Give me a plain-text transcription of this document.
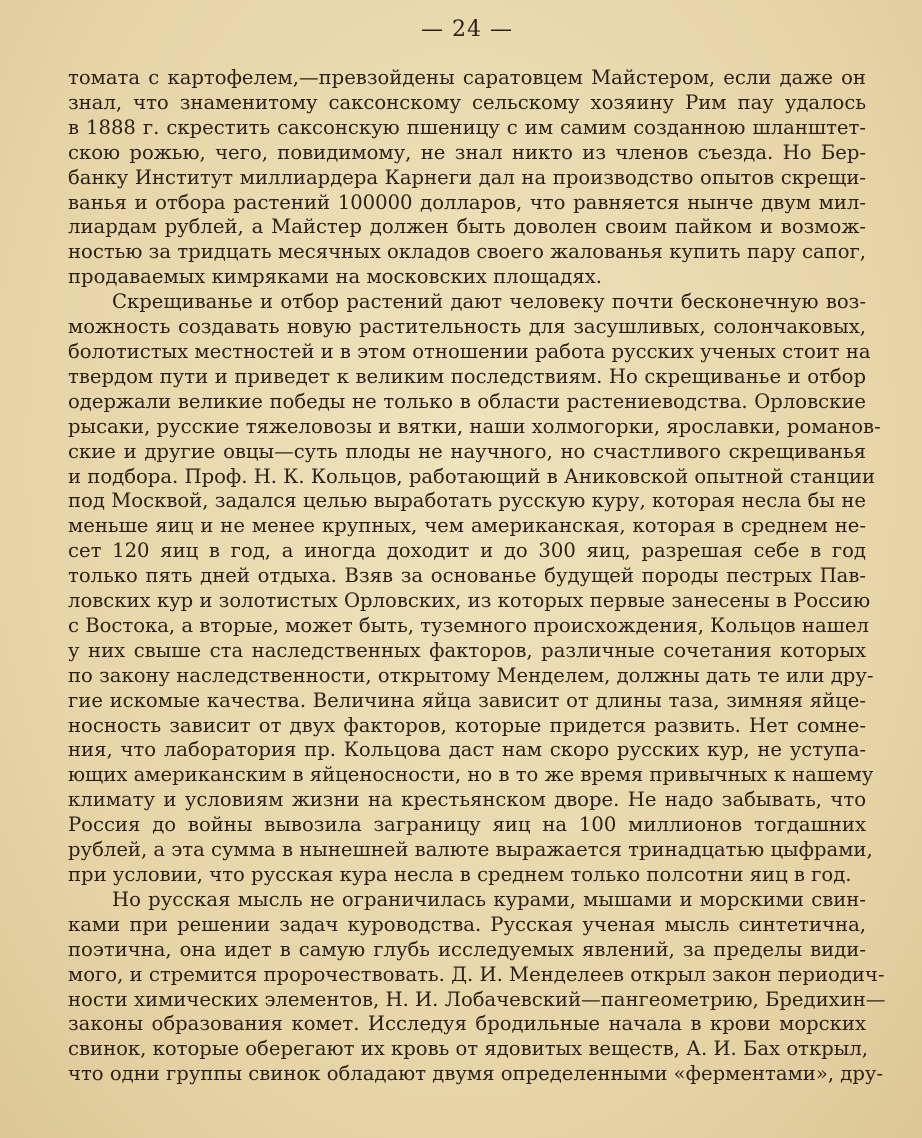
— 24 —
томата с картофелем,—превзойдены саратовцем Майстером, если даже он
знал, что знаменитому саксонскому сельскому хозяину Рим пау удалось
в 1888 г. скрестить саксонскую пшеницу с им самим созданною шланштет-
скою рожью, чего, повидимому, не знал никто из членов съезда. Но Бер-
банку Институт миллиардера Карнеги дал на производство опытов скрещи-
ванья и отбора растений 100000 долларов, что равняется нынче двум мил-
лиардам рублей, а Майстер должен быть доволен своим пайком и возмож-
ностью за тридцать месячных окладов своего жалованья купить пару сапог,
продаваемых кимряками на московских площадях.
Скрещиванье и отбор растений дают человеку почти бесконечную воз-
можность создавать новую растительность для засушливых, солончаковых,
болотистых местностей и в этом отношении работа русских ученых стоит на
твердом пути и приведет к великим последствиям. Но скрещиванье и отбор
одержали великие победы не только в области растениеводства. Орловские
рысаки, русские тяжеловозы и вятки, наши холмогорки, ярославки, романов-
ские и другие овцы—суть плоды не научного, но счастливого скрещиванья
и подбора. Проф. Н. К. Кольцов, работающий в Аниковской опытной станции
под Москвой, задался целью выработать русскую куру, которая несла бы не
меньше яиц и не менее крупных, чем американская, которая в среднем не-
сет 120 яиц в год, а иногда доходит и до 300 яиц, разрешая себе в год
только пять дней отдыха. Взяв за основанье будущей породы пестрых Пав-
ловских кур и золотистых Орловских, из которых первые занесены в Россию
с Востока, а вторые, может быть, туземного происхождения, Кольцов нашел
у них свыше ста наследственных факторов, различные сочетания которых
по закону наследственности, открытому Менделем, должны дать те или дру-
гие искомые качества. Величина яйца зависит от длины таза, зимняя яйце-
носность зависит от двух факторов, которые придется развить. Нет сомне-
ния, что лаборатория пр. Кольцова даст нам скоро русских кур, не уступа-
ющих американским в яйценосности, но в то же время привычных к нашему
климату и условиям жизни на крестьянском дворе. Не надо забывать, что
Россия до войны вывозила заграницу яиц на 100 миллионов тогдашних
рублей, а эта сумма в нынешней валюте выражается тринадцатью цыфрами,
при условии, что русская кура несла в среднем только полсотни яиц в год.
Но русская мысль не ограничилась курами, мышами и морскими свин-
ками при решении задач куроводства. Русская ученая мысль синтетична,
поэтична, она идет в самую глубь исследуемых явлений, за пределы види-
мого, и стремится пророчествовать. Д. И. Менделеев открыл закон периодич-
ности химических элементов, Н. И. Лобачевский—пангеометрию, Бредихин—
законы образования комет. Исследуя бродильные начала в крови морских
свинок, которые оберегают их кровь от ядовитых веществ, А. И. Бах открыл,
что одни группы свинок обладают двумя определенными «ферментами», дру-
